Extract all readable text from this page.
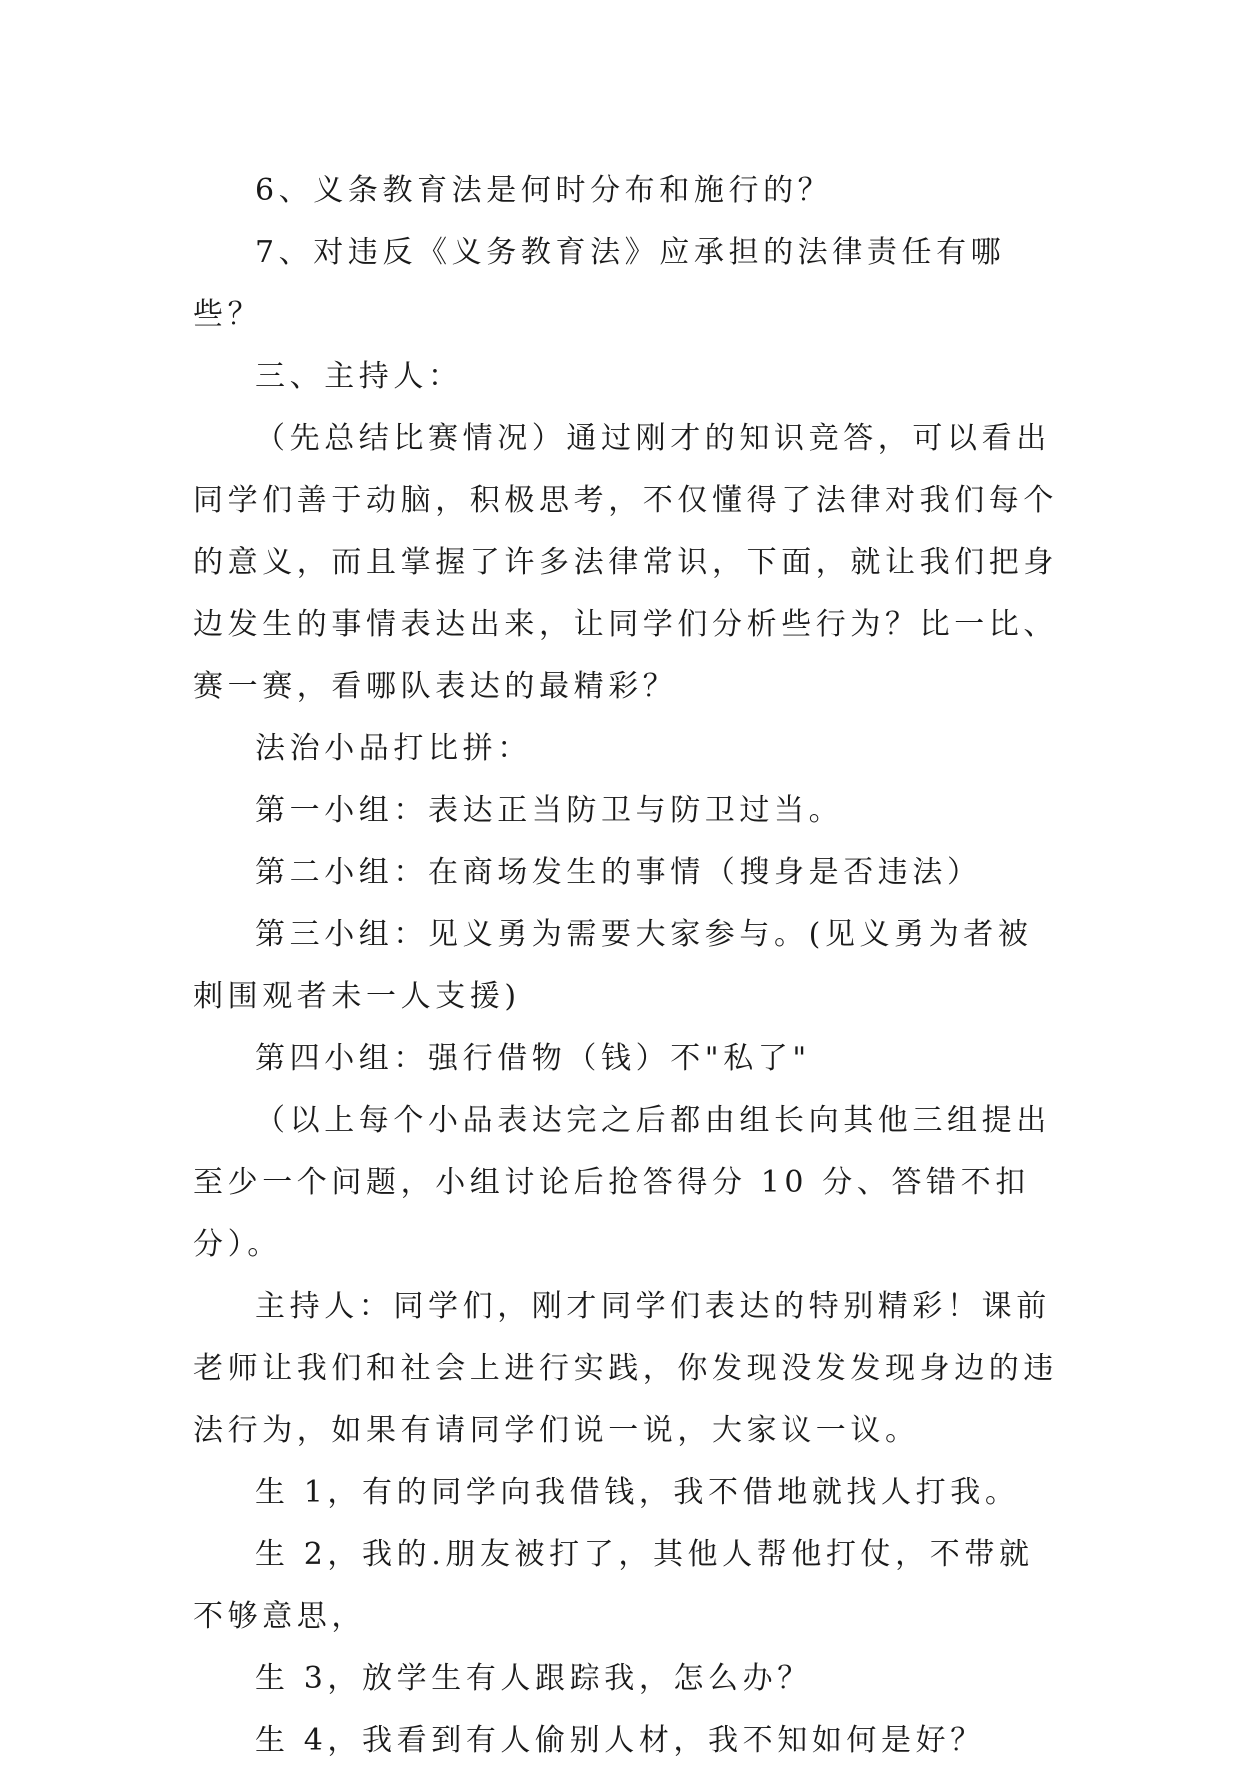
6、义条教育法是何时分布和施行的？

7、对违反《义务教育法》应承担的法律责任有哪些？

三、主持人：

（先总结比赛情况）通过刚才的知识竞答，可以看出同学们善于动脑，积极思考，不仅懂得了法律对我们每个的意义，而且掌握了许多法律常识，下面，就让我们把身边发生的事情表达出来，让同学们分析些行为？比一比、赛一赛，看哪队表达的最精彩？

法治小品打比拼：

第一小组：表达正当防卫与防卫过当。

第二小组：在商场发生的事情（搜身是否违法）

第三小组：见义勇为需要大家参与。(见义勇为者被刺围观者未一人支援)

第四小组：强行借物（钱）不"私了"

（以上每个小品表达完之后都由组长向其他三组提出至少一个问题，小组讨论后抢答得分 10 分、答错不扣分）。

主持人：同学们，刚才同学们表达的特别精彩！课前老师让我们和社会上进行实践，你发现没发发现身边的违法行为，如果有请同学们说一说，大家议一议。

生 1，有的同学向我借钱，我不借地就找人打我。

生 2，我的.朋友被打了，其他人帮他打仗，不带就不够意思，

生 3，放学生有人跟踪我，怎么办？

生 4，我看到有人偷别人材，我不知如何是好？
